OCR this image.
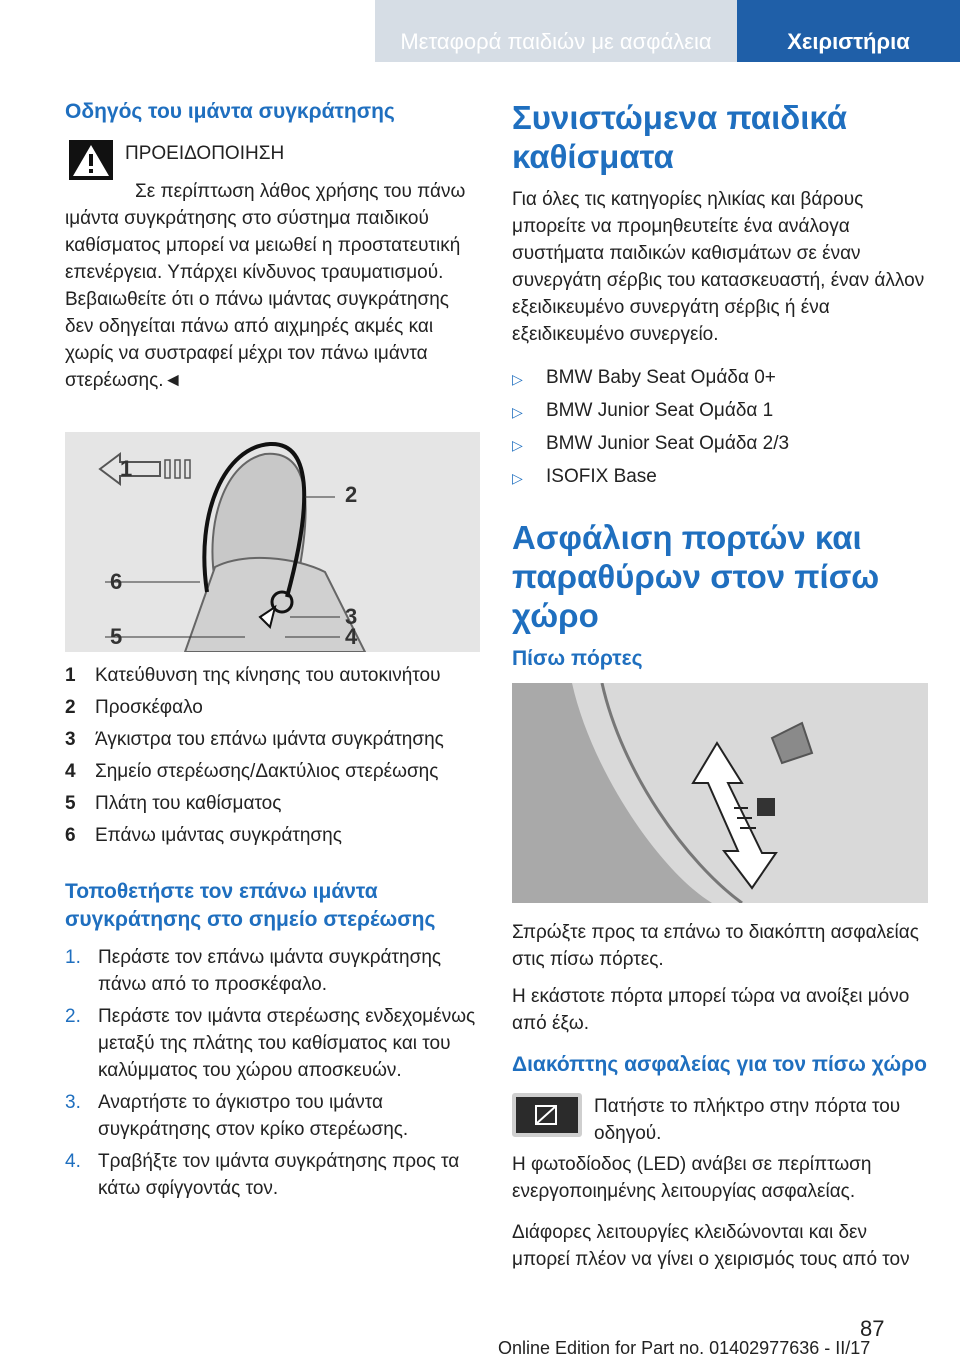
Μεταφορά παιδιών με ασφάλεια	Χειριστήρια
Οδηγός του ιμάντα συγκράτησης

ΠΡΟΕΙΔΟΠΟΙΗΣΗ

Σε περίπτωση λάθος χρήσης του πάνω ιμάντα συγκράτησης στο σύστημα παιδικού καθίσματος μπορεί να μειωθεί η προστατευτική επενέργεια. Υπάρχει κίνδυνος τραυματισμού. Βεβαιωθείτε ότι ο πάνω ιμάντας συγκράτησης δεν οδηγείται πάνω από αιχμηρές ακμές και χωρίς να συστραφεί μέχρι τον πάνω ιμάντα στερέωσης.◄

1
2
3
4
5
6
1	Κατεύθυνση της κίνησης του αυτοκινήτου
2	Προσκέφαλο
3	Άγκιστρα του επάνω ιμάντα συγκράτησης
4	Σημείο στερέωσης/Δακτύλιος στερέωσης
5	Πλάτη του καθίσματος
6	Επάνω ιμάντας συγκράτησης
Τοποθετήστε τον επάνω ιμάντα συγκράτησης στο σημείο στερέωσης
1. Περάστε τον επάνω ιμάντα συγκράτησης πάνω από το προσκέφαλο.
2. Περάστε τον ιμάντα στερέωσης ενδεχομένως μεταξύ της πλάτης του καθίσματος και του καλύμματος του χώρου αποσκευών.
3. Αναρτήστε το άγκιστρο του ιμάντα συγκράτησης στον κρίκο στερέωσης.
4. Τραβήξτε τον ιμάντα συγκράτησης προς τα κάτω σφίγγοντάς τον.
Συνιστώμενα παιδικά καθίσματα

Για όλες τις κατηγορίες ηλικίας και βάρους μπορείτε να προμηθευτείτε ένα ανάλογα συστήματα παιδικών καθισμάτων σε έναν συνεργάτη σέρβις του κατασκευαστή, έναν άλλον εξειδικευμένο συνεργάτη σέρβις ή ένα εξειδικευμένο συνεργείο.

▷	BMW Baby Seat Ομάδα 0+
▷	BMW Junior Seat Ομάδα 1
▷	BMW Junior Seat Ομάδα 2/3
▷	ISOFIX Base
Ασφάλιση πορτών και παραθύρων στον πίσω χώρο
Πίσω πόρτες

Σπρώξτε προς τα επάνω το διακόπτη ασφαλείας στις πίσω πόρτες.

Η εκάστοτε πόρτα μπορεί τώρα να ανοίξει μόνο από έξω.

Διακόπτης ασφαλείας για τον πίσω χώρο

Πατήστε το πλήκτρο στην πόρτα του οδηγού.

Η φωτοδίοδος (LED) ανάβει σε περίπτωση ενεργοποιημένης λειτουργίας ασφαλείας.

Διάφορες λειτουργίες κλειδώνονται και δεν μπορεί πλέον να γίνει ο χειρισμός τους από τον

87
Online Edition for Part no. 01402977636 - II/17
